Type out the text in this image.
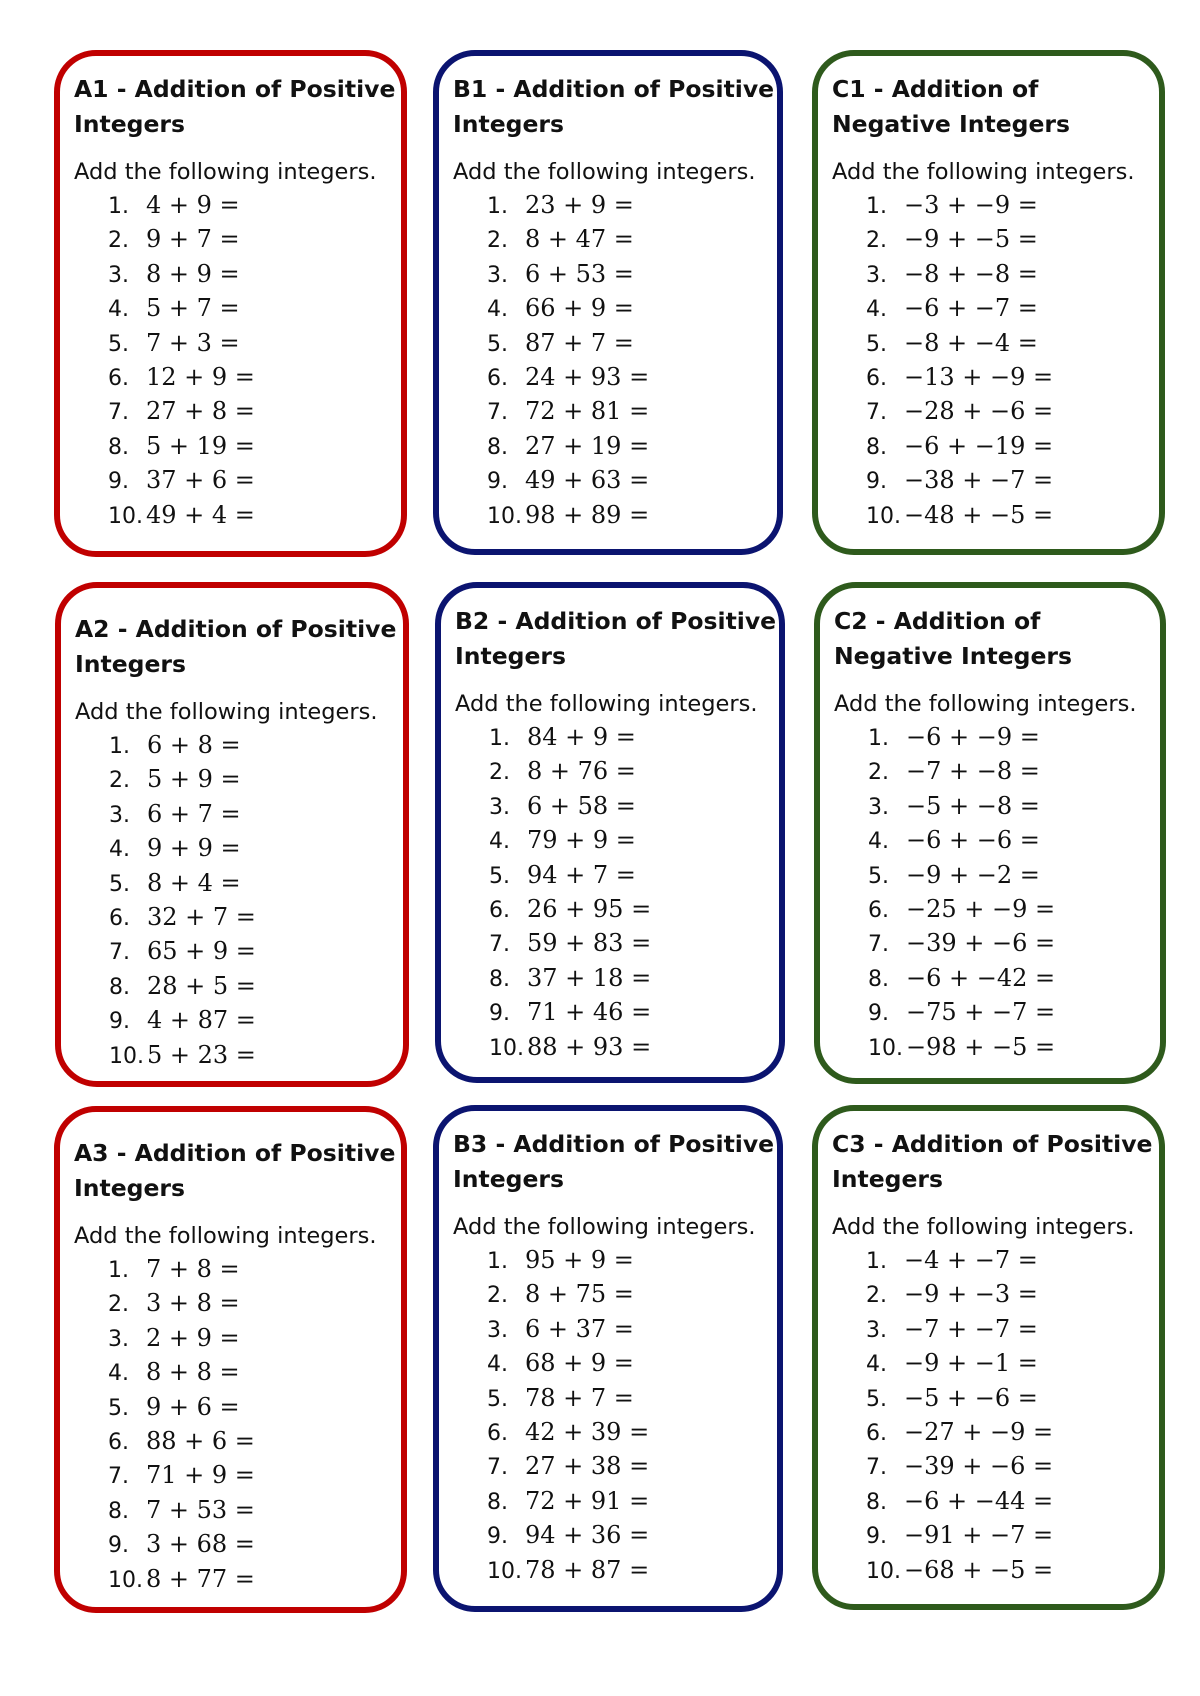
A1 - Addition of Positive
Integers
Add the following integers.
1. 4 + 9 =
2. 9 + 7 =
3. 8 + 9 =
4. 5 + 7 =
5. 7 + 3 =
6. 12 + 9 =
7. 27 + 8 =
8. 5 + 19 =
9. 37 + 6 =
10. 49 + 4 =
B1 - Addition of Positive
Integers
Add the following integers.
1. 23 + 9 =
2. 8 + 47 =
3. 6 + 53 =
4. 66 + 9 =
5. 87 + 7 =
6. 24 + 93 =
7. 72 + 81 =
8. 27 + 19 =
9. 49 + 63 =
10. 98 + 89 =
C1 - Addition of
Negative Integers
Add the following integers.
1. −3 + −9 =
2. −9 + −5 =
3. −8 + −8 =
4. −6 + −7 =
5. −8 + −4 =
6. −13 + −9 =
7. −28 + −6 =
8. −6 + −19 =
9. −38 + −7 =
10. −48 + −5 =
A2 - Addition of Positive
Integers
Add the following integers.
1. 6 + 8 =
2. 5 + 9 =
3. 6 + 7 =
4. 9 + 9 =
5. 8 + 4 =
6. 32 + 7 =
7. 65 + 9 =
8. 28 + 5 =
9. 4 + 87 =
10. 5 + 23 =
B2 - Addition of Positive
Integers
Add the following integers.
1. 84 + 9 =
2. 8 + 76 =
3. 6 + 58 =
4. 79 + 9 =
5. 94 + 7 =
6. 26 + 95 =
7. 59 + 83 =
8. 37 + 18 =
9. 71 + 46 =
10. 88 + 93 =
C2 - Addition of
Negative Integers
Add the following integers.
1. −6 + −9 =
2. −7 + −8 =
3. −5 + −8 =
4. −6 + −6 =
5. −9 + −2 =
6. −25 + −9 =
7. −39 + −6 =
8. −6 + −42 =
9. −75 + −7 =
10. −98 + −5 =
A3 - Addition of Positive
Integers
Add the following integers.
1. 7 + 8 =
2. 3 + 8 =
3. 2 + 9 =
4. 8 + 8 =
5. 9 + 6 =
6. 88 + 6 =
7. 71 + 9 =
8. 7 + 53 =
9. 3 + 68 =
10. 8 + 77 =
B3 - Addition of Positive
Integers
Add the following integers.
1. 95 + 9 =
2. 8 + 75 =
3. 6 + 37 =
4. 68 + 9 =
5. 78 + 7 =
6. 42 + 39 =
7. 27 + 38 =
8. 72 + 91 =
9. 94 + 36 =
10. 78 + 87 =
C3 - Addition of Positive
Integers
Add the following integers.
1. −4 + −7 =
2. −9 + −3 =
3. −7 + −7 =
4. −9 + −1 =
5. −5 + −6 =
6. −27 + −9 =
7. −39 + −6 =
8. −6 + −44 =
9. −91 + −7 =
10. −68 + −5 =
